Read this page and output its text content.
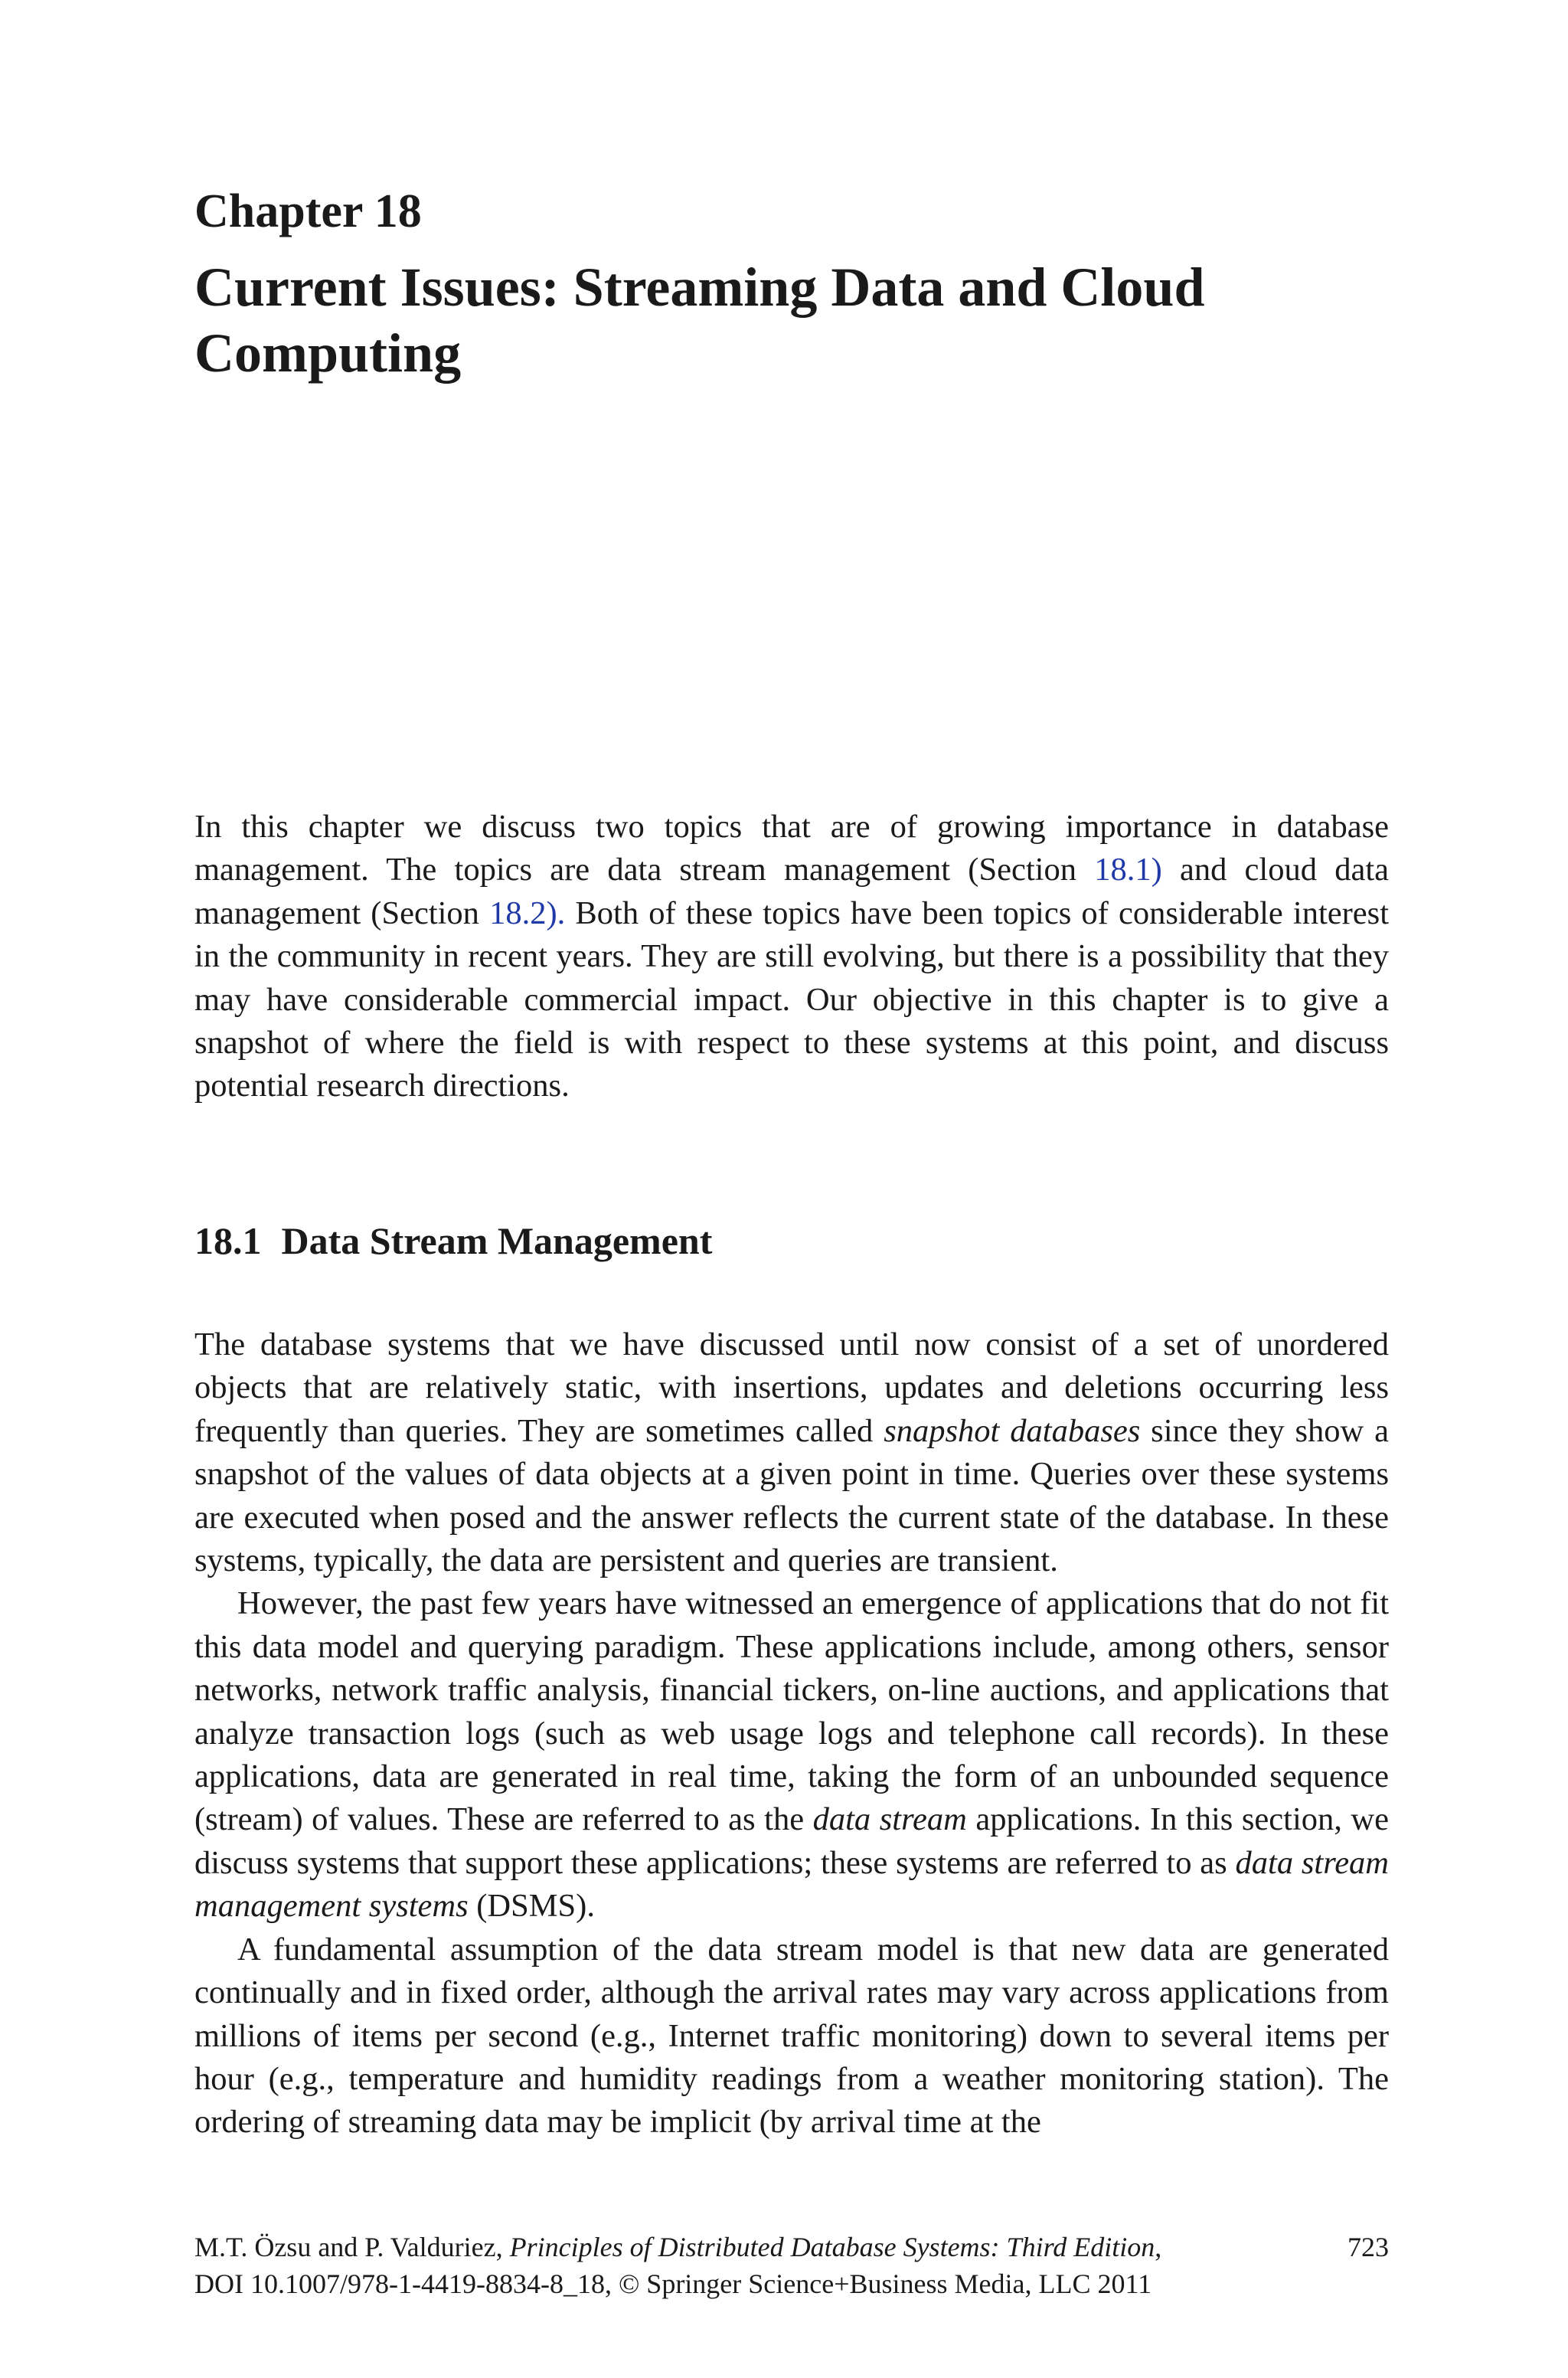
Chapter 18
Current Issues: Streaming Data and Cloud Computing

In this chapter we discuss two topics that are of growing importance in database management. The topics are data stream management (Section 18.1) and cloud data management (Section 18.2). Both of these topics have been topics of considerable interest in the community in recent years. They are still evolving, but there is a possibility that they may have considerable commercial impact. Our objective in this chapter is to give a snapshot of where the field is with respect to these systems at this point, and discuss potential research directions.

18.1 Data Stream Management

The database systems that we have discussed until now consist of a set of unordered objects that are relatively static, with insertions, updates and deletions occurring less frequently than queries. They are sometimes called snapshot databases since they show a snapshot of the values of data objects at a given point in time. Queries over these systems are executed when posed and the answer reflects the current state of the database. In these systems, typically, the data are persistent and queries are transient.

However, the past few years have witnessed an emergence of applications that do not fit this data model and querying paradigm. These applications include, among others, sensor networks, network traffic analysis, financial tickers, on-line auctions, and applications that analyze transaction logs (such as web usage logs and telephone call records). In these applications, data are generated in real time, taking the form of an unbounded sequence (stream) of values. These are referred to as the data stream applications. In this section, we discuss systems that support these applications; these systems are referred to as data stream management systems (DSMS).

A fundamental assumption of the data stream model is that new data are generated continually and in fixed order, although the arrival rates may vary across applications from millions of items per second (e.g., Internet traffic monitoring) down to several items per hour (e.g., temperature and humidity readings from a weather monitoring station). The ordering of streaming data may be implicit (by arrival time at the

M.T. Özsu and P. Valduriez, Principles of Distributed Database Systems: Third Edition,
DOI 10.1007/978-1-4419-8834-8_18, © Springer Science+Business Media, LLC 2011
723
